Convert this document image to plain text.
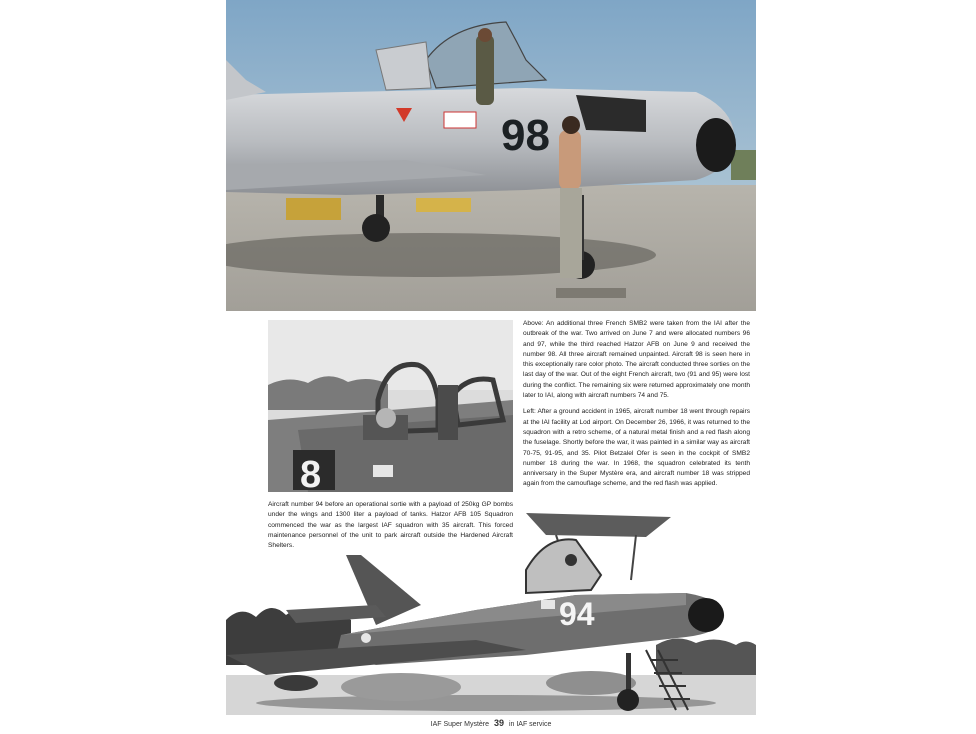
98
8

Above: An additional three French SMB2 were taken from the IAI after the outbreak of the war. Two arrived on June 7 and were allocated numbers 96 and 97, while the third reached Hatzor AFB on June 9 and received the number 98. All three aircraft remained unpainted. Aircraft 98 is seen here in this exceptionally rare color photo. The aircraft conducted three sorties on the last day of the war. Out of the eight French aircraft, two (91 and 95) were lost during the conflict. The remaining six were returned approximately one month later to IAI, along with aircraft numbers 74 and 75.

Left: After a ground accident in 1965, aircraft number 18 went through repairs at the IAI facility at Lod airport. On December 26, 1966, it was returned to the squadron with a retro scheme, of a natural metal finish and a red flash along the fuselage. Shortly before the war, it was painted in a similar way as aircraft 70-75, 91-95, and 35. Pilot Betzalel Ofer is seen in the cockpit of SMB2 number 18 during the war. In 1968, the squadron celebrated its tenth anniversary in the Super Mystère era, and aircraft number 18 was stripped again from the camouflage scheme, and the red flash was applied.

Aircraft number 94 before an operational sortie with a payload of 250kg GP bombs under the wings and 1300 liter a payload of tanks. Hatzor AFB 105 Squadron commenced the war as the largest IAF squadron with 35 aircraft. This forced maintenance personnel of the unit to park aircraft outside the Hardened Aircraft Shelters.

94
IAF Super Mystère 39 in IAF service
